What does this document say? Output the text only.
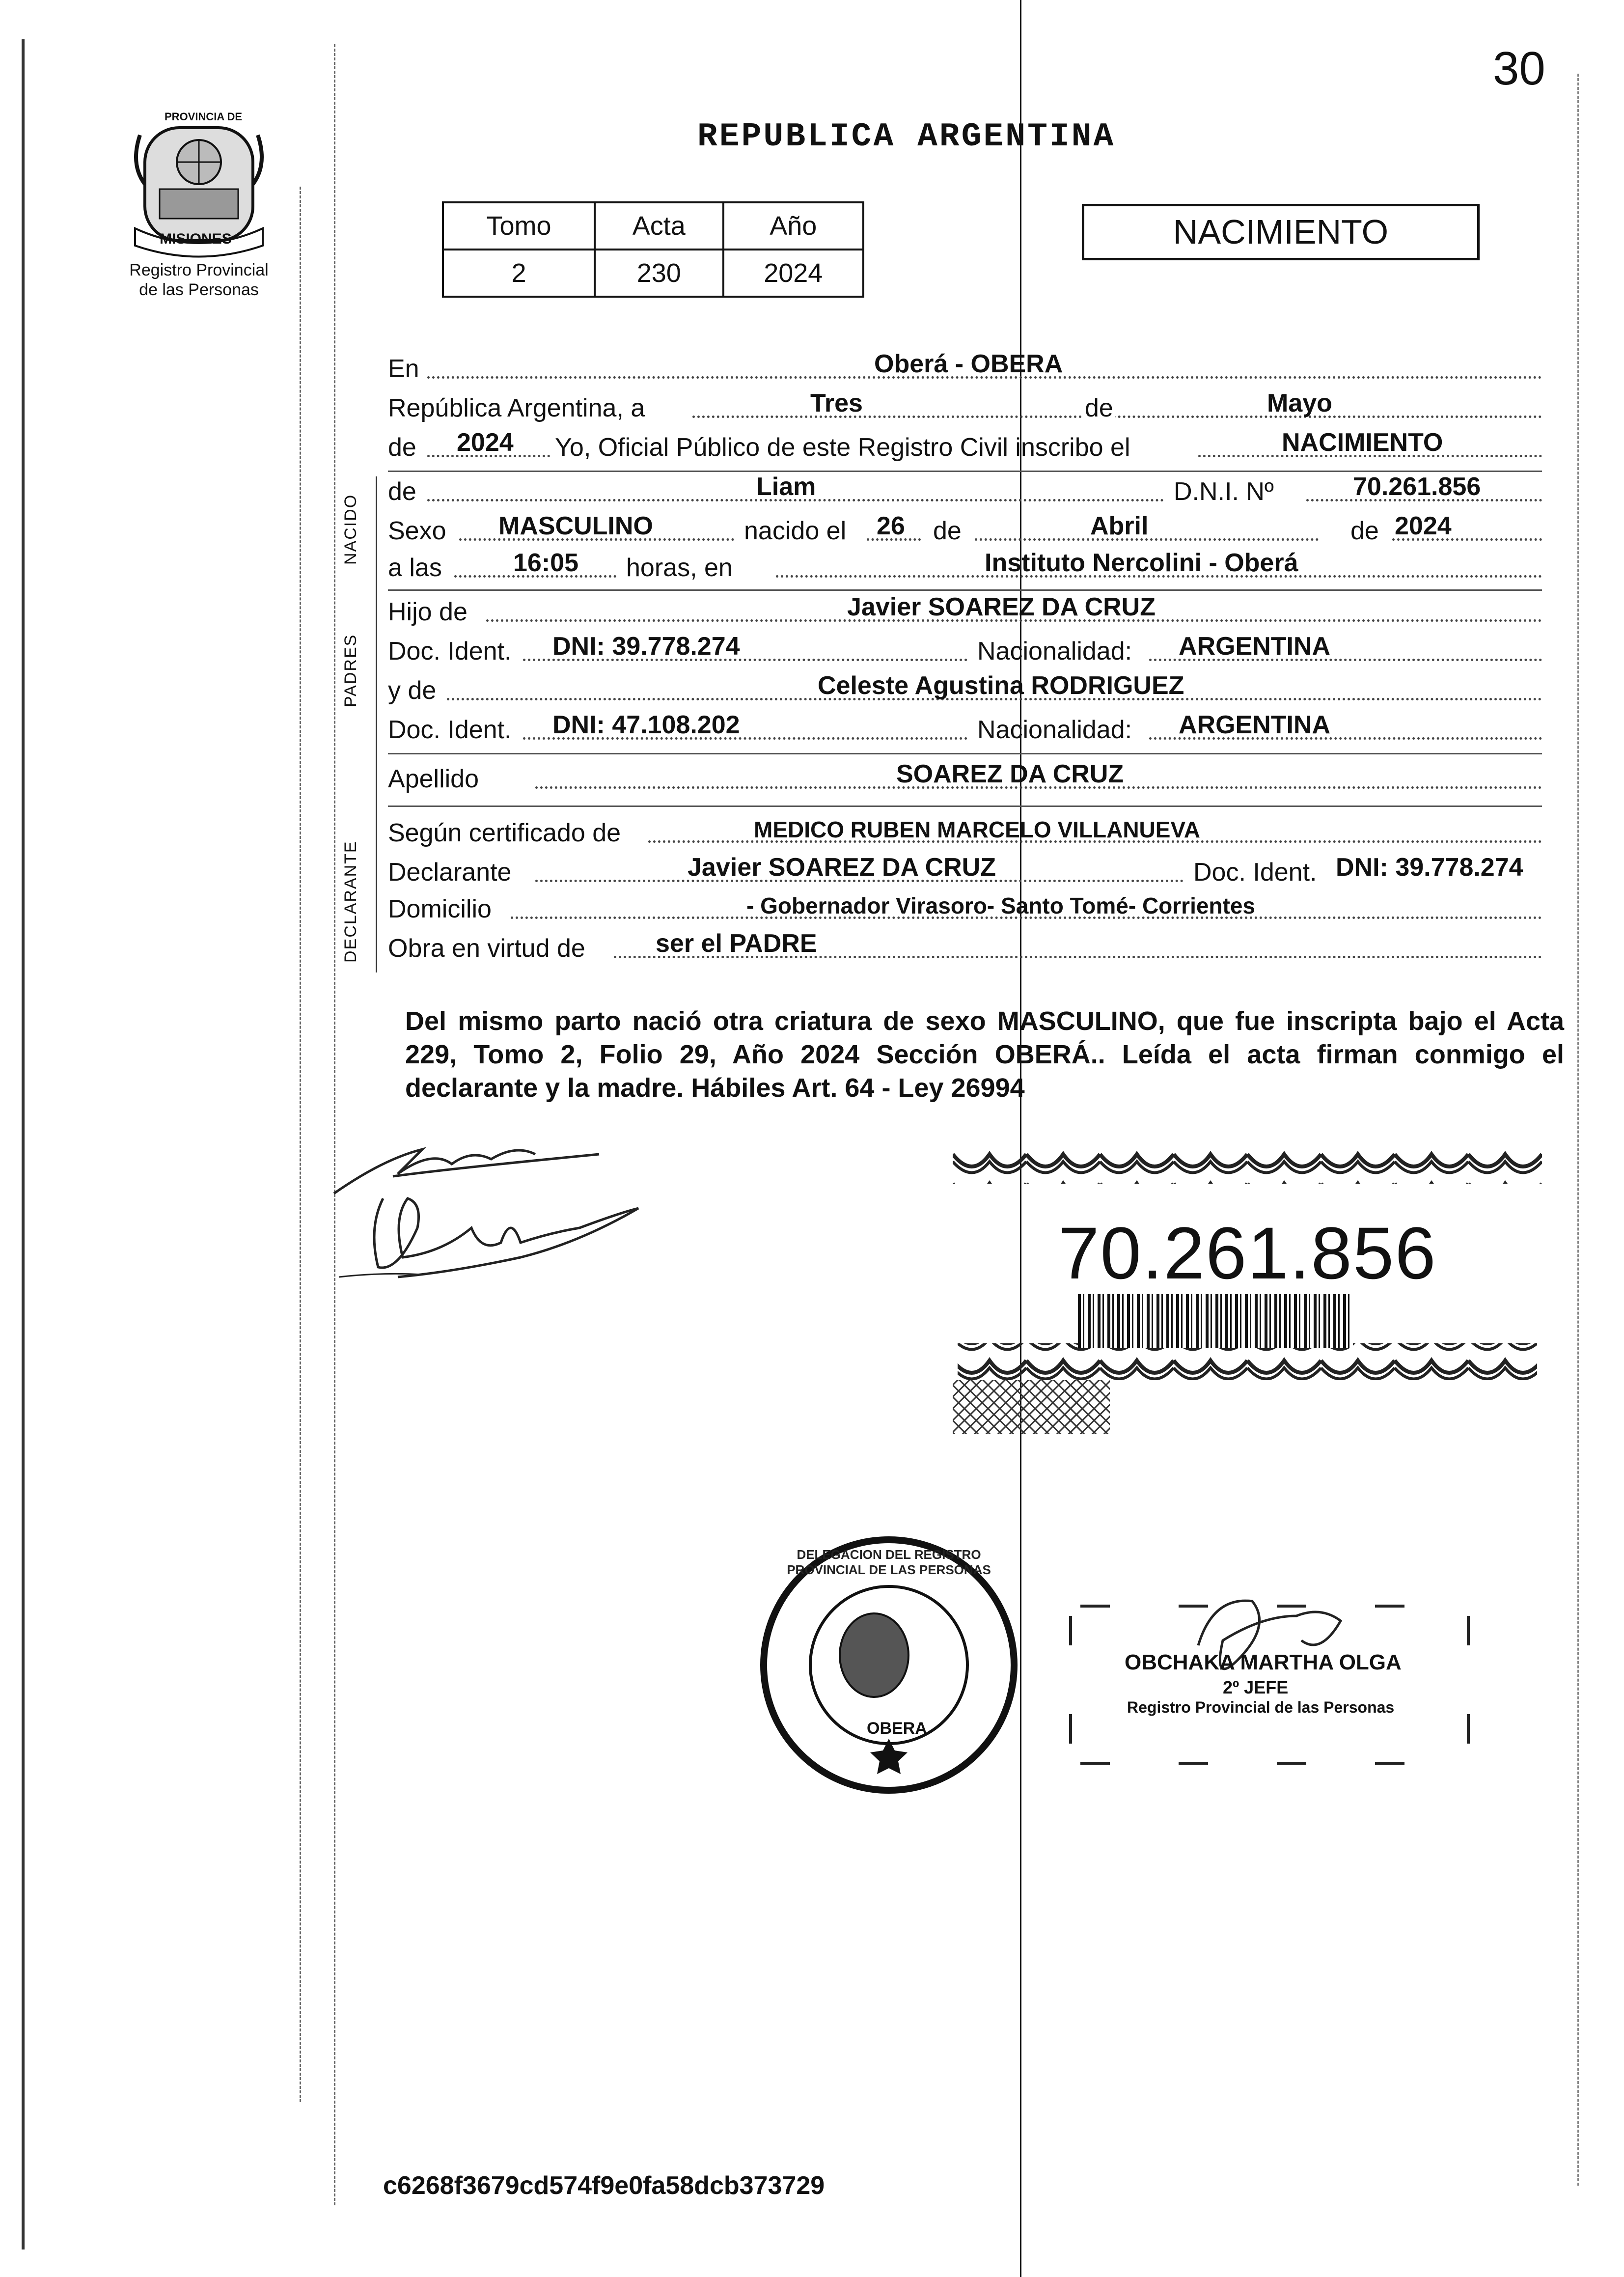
30
PROVINCIA DE
MISIONES
Registro Provincial
de las Personas
REPUBLICA ARGENTINA
Tomo	Acta	Año
2	230	2024
NACIMIENTO
En	Oberá - OBERA
República Argentina, a	Tres	de	Mayo
de 2024 Yo, Oficial Público de este Registro Civil inscribo el	NACIMIENTO
NACIDO
de	Liam	D.N.I. Nº	70.261.856
Sexo MASCULINO	nacido el 26 de	Abril	de 2024
a las	16:05 horas, en	Instituto Nercolini - Oberá
PADRES
Hijo de	Javier SOAREZ DA CRUZ
Doc. Ident. DNI: 39.778.274	Nacionalidad: ARGENTINA
y de	Celeste Agustina RODRIGUEZ
Doc. Ident. DNI: 47.108.202	Nacionalidad: ARGENTINA
Apellido	SOAREZ DA CRUZ
DECLARANTE
Según certificado de	MEDICO RUBEN MARCELO VILLANUEVA
Declarante	Javier SOAREZ DA CRUZ	Doc. Ident. DNI: 39.778.274
Domicilio	- Gobernador Virasoro- Santo Tomé- Corrientes
Obra en virtud de	ser el PADRE
Del mismo parto nació otra criatura de sexo MASCULINO, que fue inscripta bajo el Acta 229, Tomo 2, Folio 29, Año 2024 Sección OBERÁ.. Leída el acta firman conmigo el declarante y la madre. Hábiles Art. 64 - Ley 26994
70.261.856
DELEGACION DEL REGISTRO PROVINCIAL DE LAS PERSONAS
OBERA
OBCHAKA MARTHA OLGA
2º JEFE
Registro Provincial de las Personas
c6268f3679cd574f9e0fa58dcb373729
